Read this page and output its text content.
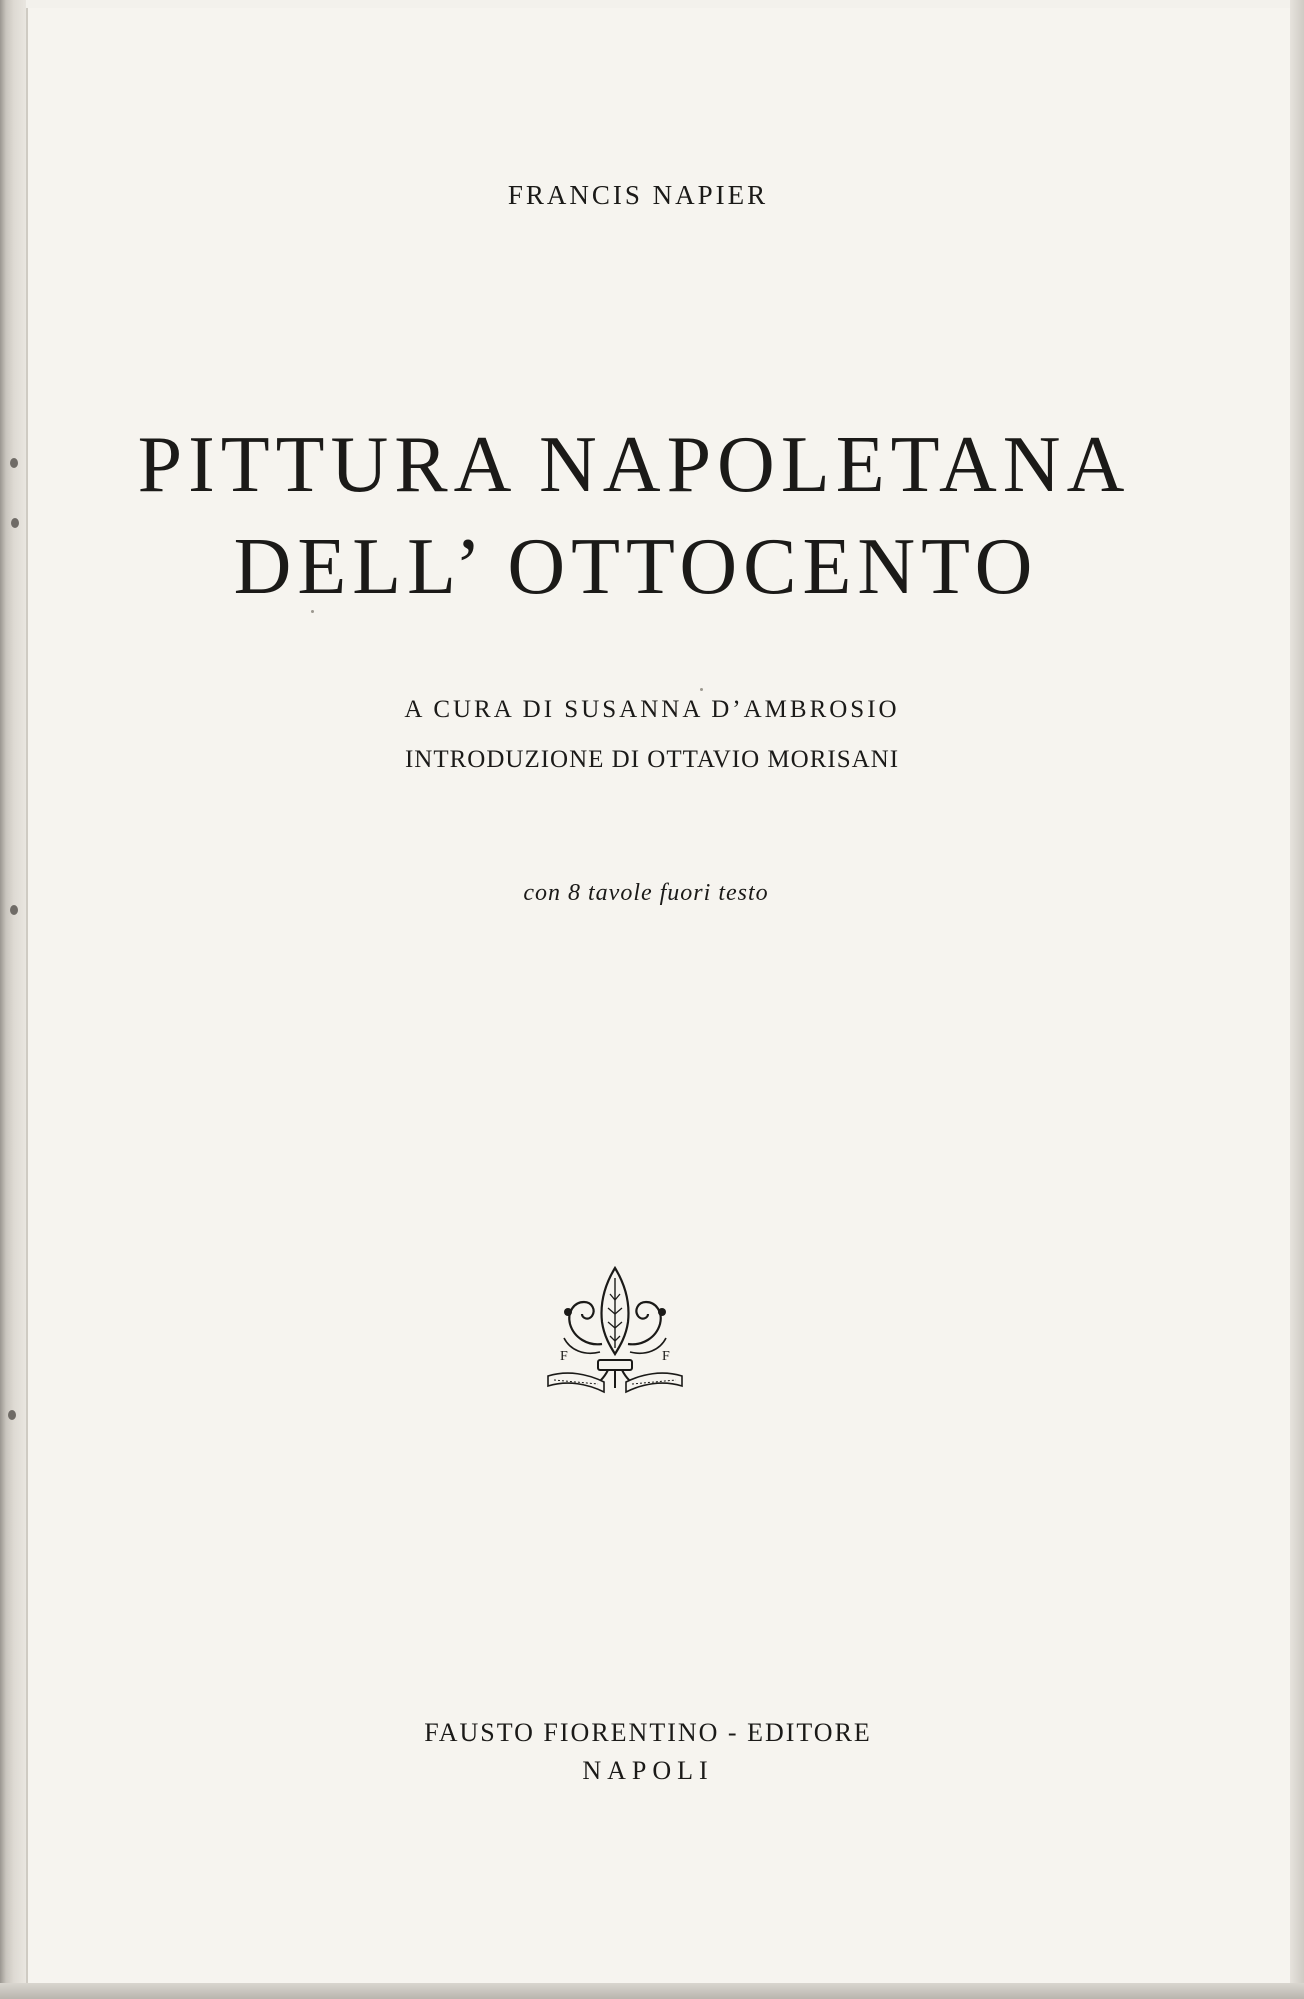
FRANCIS NAPIER
PITTURA NAPOLETANA
DELL’ OTTOCENTO
A CURA DI SUSANNA D’AMBROSIO
INTRODUZIONE DI OTTAVIO MORISANI
con 8 tavole fuori testo
F	F
FAUSTO FIORENTINO - EDITORE
NAPOLI
